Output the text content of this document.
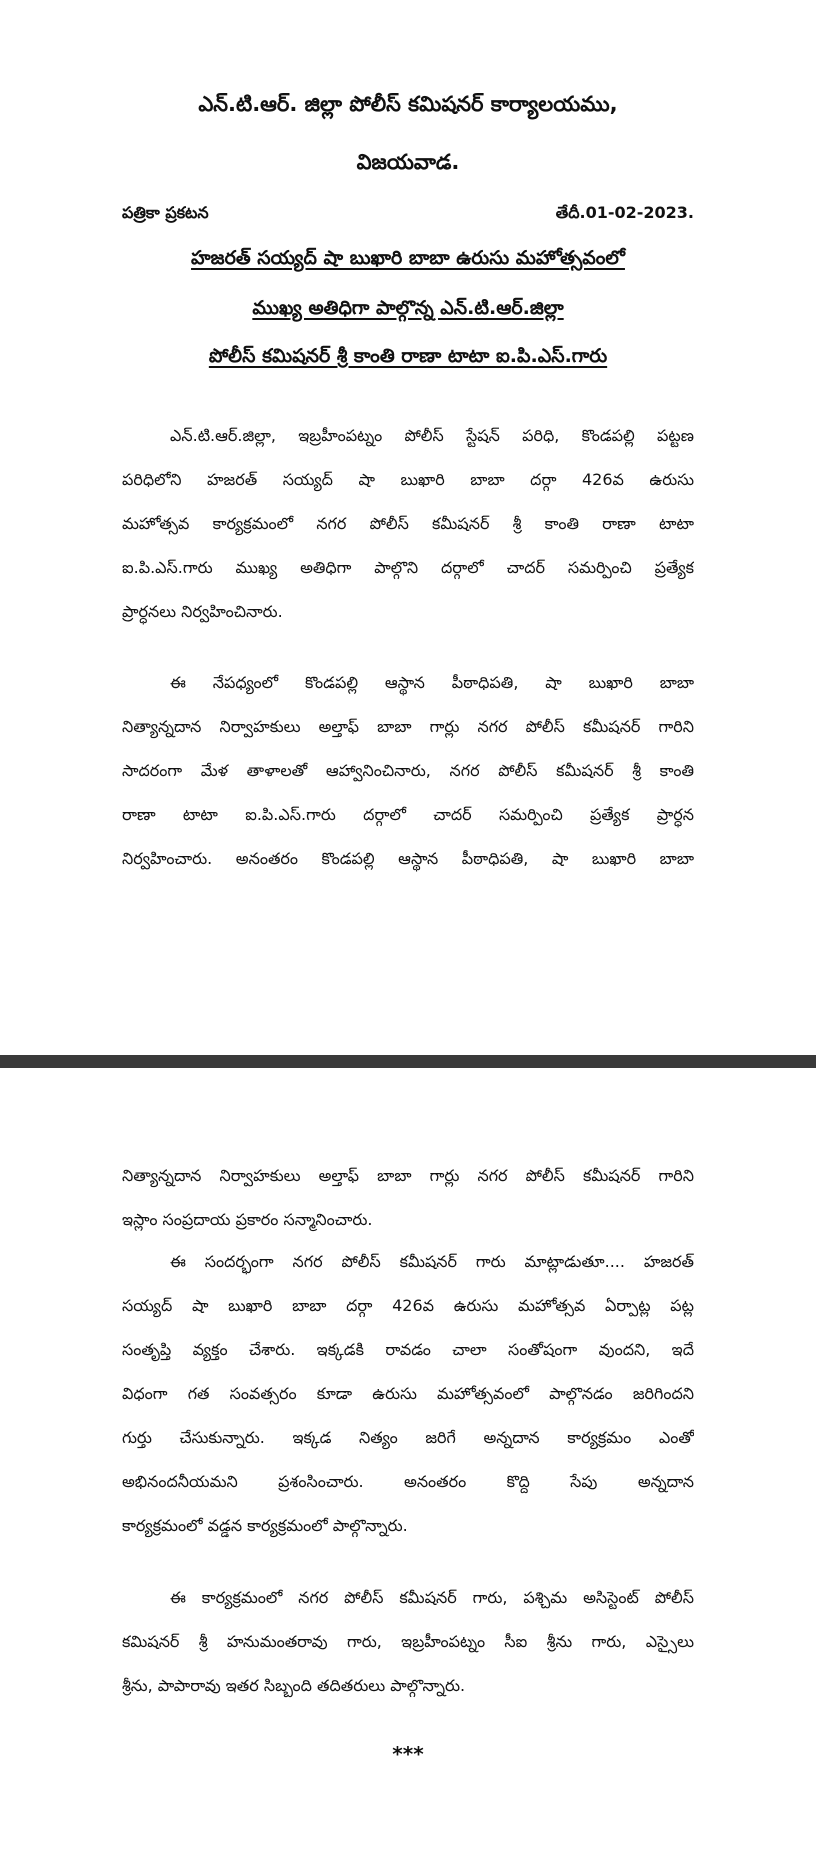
ఎన్.టి.ఆర్. జిల్లా పోలీస్ కమిషనర్ కార్యాలయము,
విజయవాడ.
పత్రికా ప్రకటన	తేదీ.01-02-2023.
హజరత్ సయ్యద్ షా బుఖారి బాబా ఉరుసు మహోత్సవంలో
ముఖ్య అతిధిగా పాల్గొన్న ఎన్.టి.ఆర్.జిల్లా
పోలీస్ కమిషనర్ శ్రీ కాంతి రాణా టాటా ఐ.పి.ఎస్.గారు
ఎన్.టి.ఆర్.జిల్లా, ఇబ్రహీంపట్నం పోలీస్ స్టేషన్ పరిధి, కొండపల్లి పట్టణ
పరిధిలోని హజరత్ సయ్యద్ షా బుఖారి బాబా దర్గా 426వ ఉరుసు
మహోత్సవ కార్యక్రమంలో నగర పోలీస్ కమీషనర్ శ్రీ కాంతి రాణా టాటా
ఐ.పి.ఎస్.గారు ముఖ్య అతిధిగా పాల్గొని దర్గాలో చాదర్ సమర్పించి ప్రత్యేక
ప్రార్ధనలు నిర్వహించినారు.
ఈ నేపధ్యంలో కొండపల్లి ఆస్థాన పీఠాధిపతి, షా బుఖారి బాబా
నిత్యాన్నదాన నిర్వాహకులు అల్తాఫ్ బాబా గార్లు నగర పోలీస్ కమీషనర్ గారిని
సాదరంగా మేళ తాళాలతో ఆహ్వానించినారు, నగర పోలీస్ కమీషనర్ శ్రీ కాంతి
రాణా టాటా ఐ.పి.ఎస్.గారు దర్గాలో చాదర్ సమర్పించి ప్రత్యేక ప్రార్ధన
నిర్వహించారు. అనంతరం కొండపల్లి ఆస్థాన పీఠాధిపతి, షా బుఖారి బాబా
నిత్యాన్నదాన నిర్వాహకులు అల్తాఫ్ బాబా గార్లు నగర పోలీస్ కమీషనర్ గారిని
ఇస్లాం సంప్రదాయ ప్రకారం సన్మానించారు.
ఈ సందర్భంగా నగర పోలీస్ కమీషనర్ గారు మాట్లాడుతూ.... హజరత్
సయ్యద్ షా బుఖారి బాబా దర్గా 426వ ఉరుసు మహోత్సవ ఏర్పాట్ల పట్ల
సంతృప్తి వ్యక్తం చేశారు. ఇక్కడకి రావడం చాలా సంతోషంగా వుందని, ఇదే
విధంగా గత సంవత్సరం కూడా ఉరుసు మహోత్సవంలో పాల్గొనడం జరిగిందని
గుర్తు చేసుకున్నారు. ఇక్కడ నిత్యం జరిగే అన్నదాన కార్యక్రమం ఎంతో
అభినందనీయమని ప్రశంసించారు. అనంతరం కొద్ది సేపు అన్నదాన
కార్యక్రమంలో వడ్డన కార్యక్రమంలో పాల్గొన్నారు.
ఈ కార్యక్రమంలో నగర పోలీస్ కమీషనర్ గారు, పశ్చిమ అసిస్టెంట్ పోలీస్
కమిషనర్ శ్రీ హనుమంతరావు గారు, ఇబ్రహీంపట్నం సీఐ శ్రీను గారు, ఎస్సైలు
శ్రీను, పాపారావు ఇతర సిబ్బంది తదితరులు పాల్గొన్నారు.
***
